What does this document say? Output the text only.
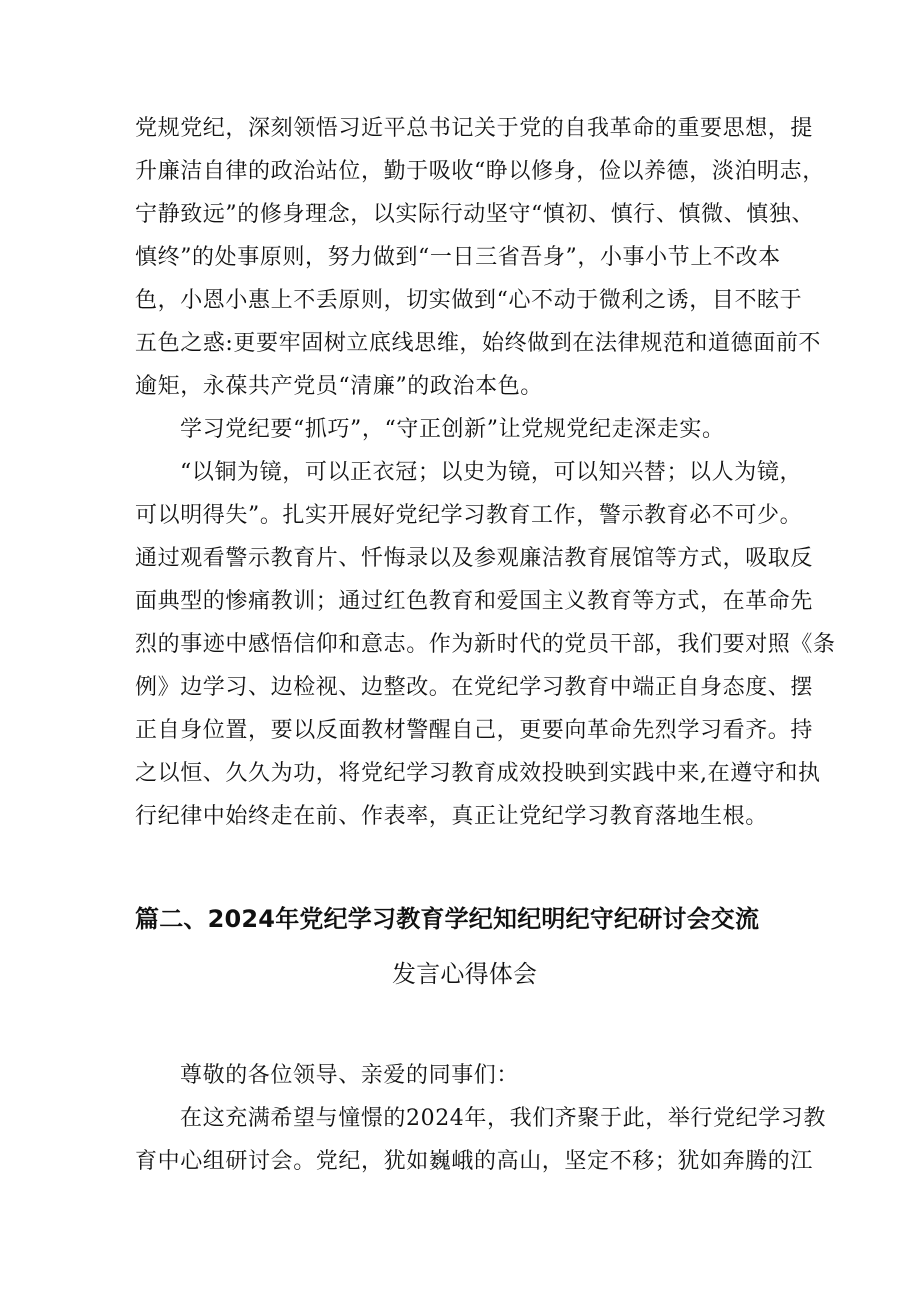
党规党纪，深刻领悟习近平总书记关于党的自我革命的重要思想，提
升廉洁自律的政治站位，勤于吸收“睁以修身，俭以养德，淡泊明志，
宁静致远”的修身理念，以实际行动坚守“慎初、慎行、慎微、慎独、
慎终”的处事原则，努力做到“一日三省吾身”，小事小节上不改本
色，小恩小惠上不丢原则，切实做到“心不动于微利之诱，目不眩于
五色之惑:更要牢固树立底线思维，始终做到在法律规范和道德面前不
逾矩，永葆共产党员“清廉”的政治本色。
学习党纪要“抓巧”，“守正创新”让党规党纪走深走实。
“以铜为镜，可以正衣冠；以史为镜，可以知兴替；以人为镜，
可以明得失”。扎实开展好党纪学习教育工作，警示教育必不可少。
通过观看警示教育片、忏悔录以及参观廉洁教育展馆等方式，吸取反
面典型的惨痛教训；通过红色教育和爱国主义教育等方式，在革命先
烈的事迹中感悟信仰和意志。作为新时代的党员干部，我们要对照《条
例》边学习、边检视、边整改。在党纪学习教育中端正自身态度、摆
正自身位置，要以反面教材警醒自己，更要向革命先烈学习看齐。持
之以恒、久久为功，将党纪学习教育成效投映到实践中来,在遵守和执
行纪律中始终走在前、作表率，真正让党纪学习教育落地生根。
篇二、2024年党纪学习教育学纪知纪明纪守纪研讨会交流
发言心得体会
尊敬的各位领导、亲爱的同事们：
在这充满希望与憧憬的2024年，我们齐聚于此，举行党纪学习教
育中心组研讨会。党纪，犹如巍峨的高山，坚定不移；犹如奔腾的江
